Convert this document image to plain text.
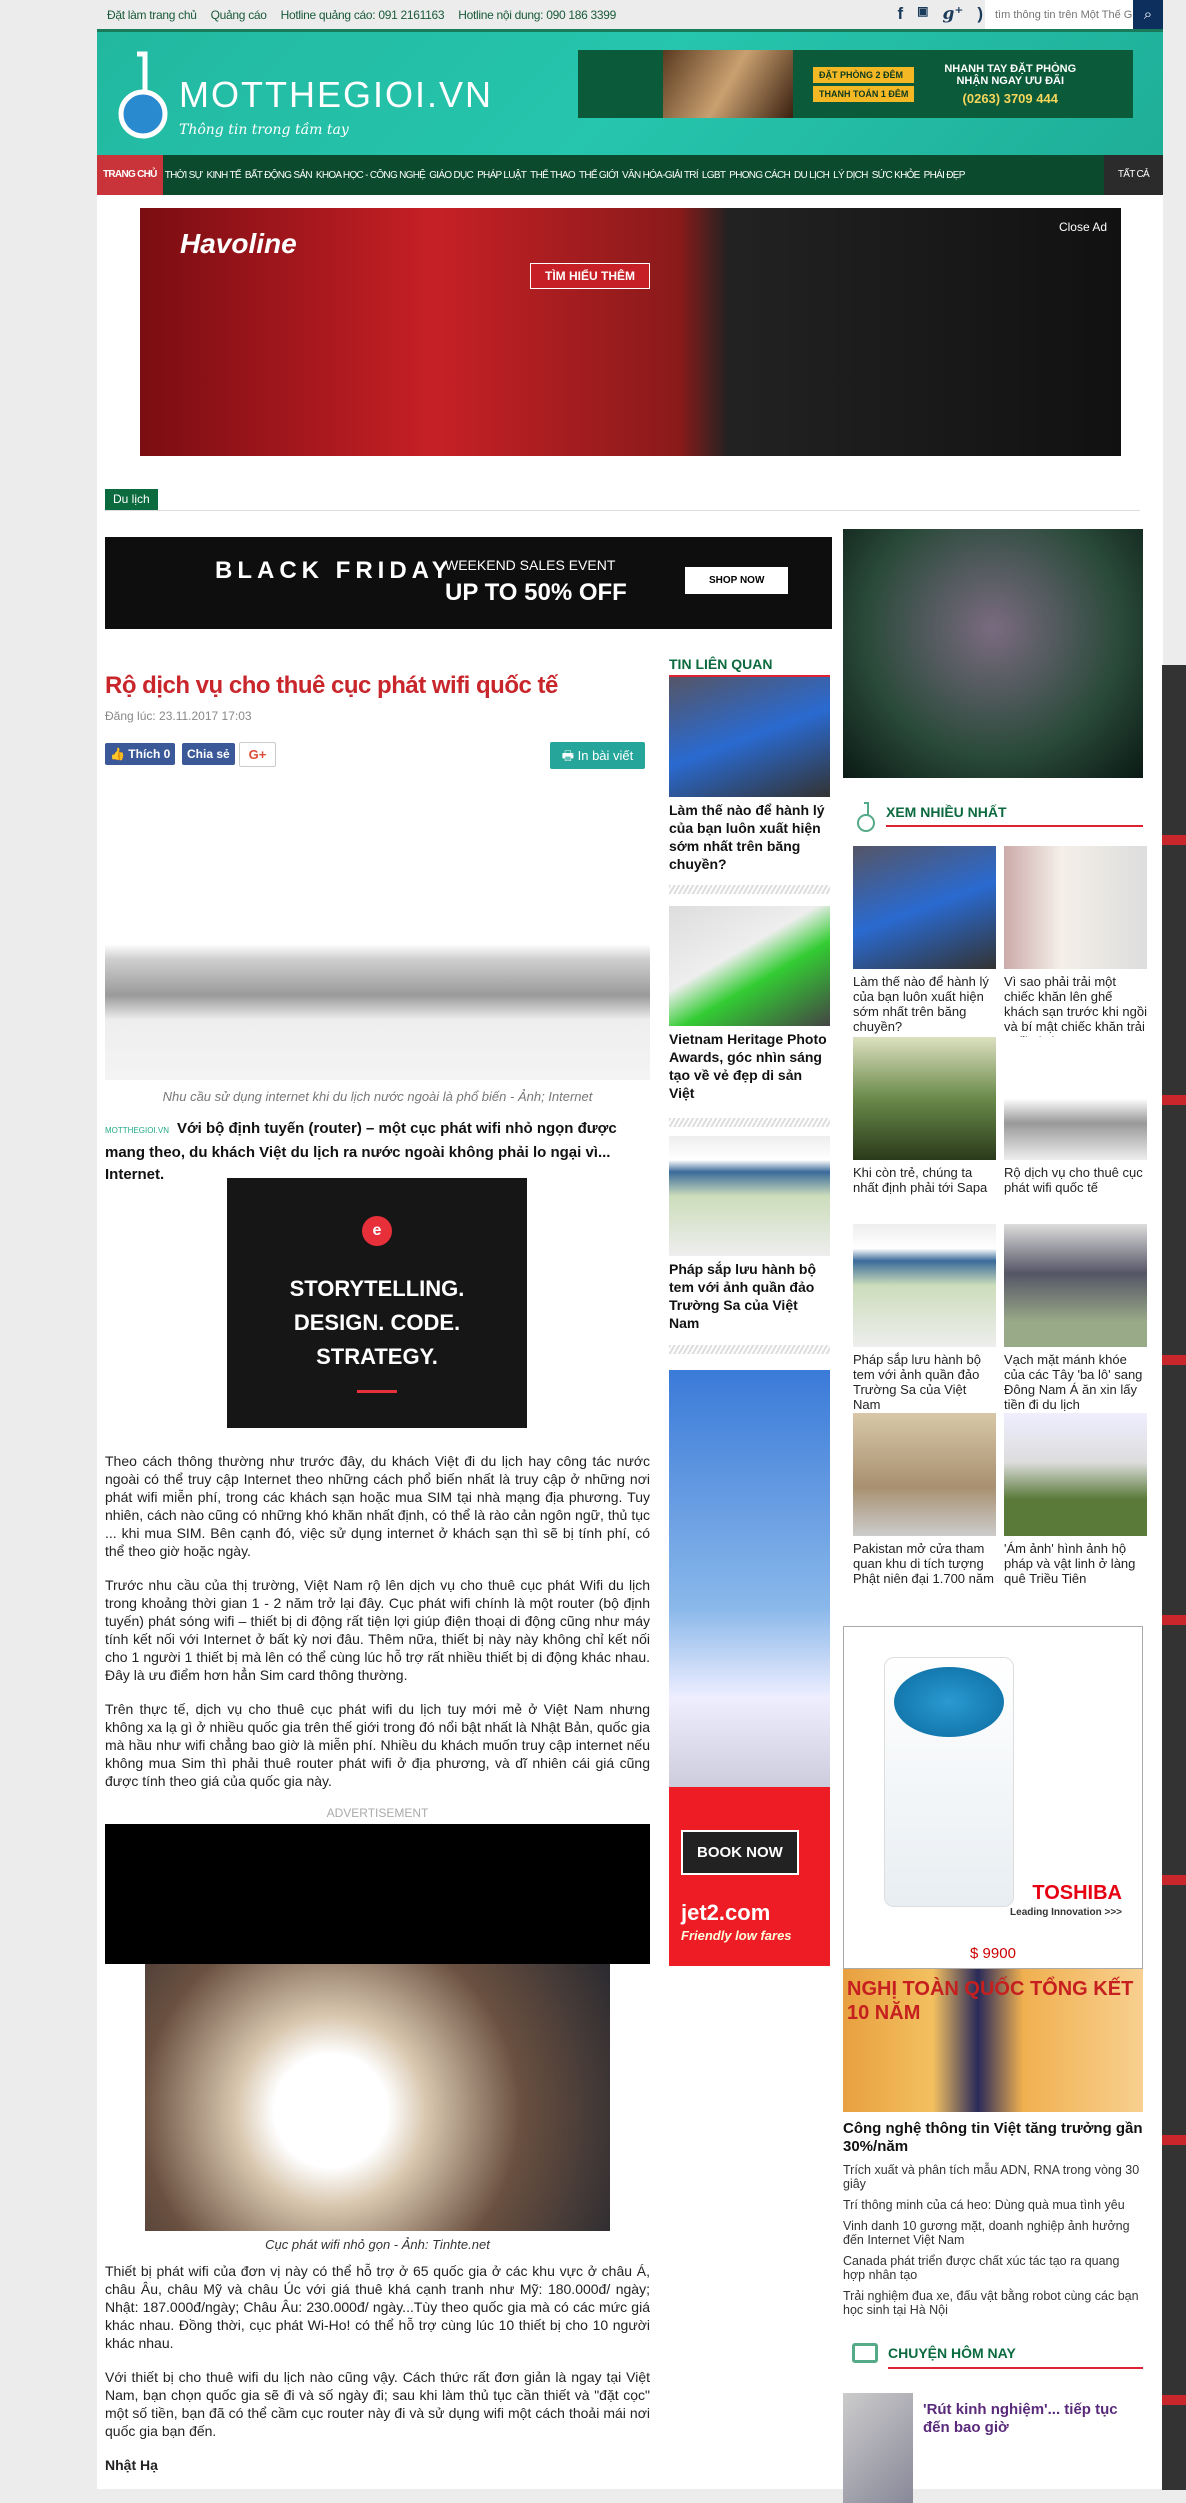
Đặt làm trang chủ Quảng cáo Hotline quảng cáo: 091 2161163 Hotline nội dung: 090 186 3399	f ▣ g⁺ )
tìm thông tin trên Một Thế Giới	⌕
MOTTHEGIOI.VN
Thông tin trong tầm tay
ĐẶT PHÒNG 2 ĐÊM
THANH TOÁN 1 ĐÊM
NHANH TAY ĐẶT PHÒNG
NHẬN NGAY ƯU ĐÃI
(0263) 3709 444
TRANG CHỦ THỜI SỰ KINH TẾ BẤT ĐỘNG SẢN KHOA HỌC - CÔNG NGHỆ GIÁO DỤC PHÁP LUẬT THỂ THAO THẾ GIỚI VĂN HÓA-GIẢI TRÍ LGBT PHONG CÁCH DU LỊCH LÝ DỊCH SỨC KHỎE PHÁI ĐẸP	TẤT CẢ
Havoline
TÌM HIỂU THÊM
Close Ad
Du lịch
BLACK FRIDAY
WEEKEND SALES EVENT
UP TO 50% OFF	SHOP NOW
Rộ dịch vụ cho thuê cục phát wifi quốc tế
Đăng lúc: 23.11.2017 17:03
👍 Thích 0	Chia sẻ	G+	🖶 In bài viết
Nhu cầu sử dụng internet khi du lịch nước ngoài là phổ biến - Ảnh; Internet

MOTTHEGIOI.VN Với bộ định tuyến (router) – một cục phát wifi nhỏ ngọn được mang theo, du khách Việt du lịch ra nước ngoài không phải lo ngại vì... Internet.

e
STORYTELLING. DESIGN. CODE. STRATEGY.

Theo cách thông thường như trước đây, du khách Việt đi du lịch hay công tác nước ngoài có thể truy cập Internet theo những cách phổ biến nhất là truy cập ở những nơi phát wifi miễn phí, trong các khách sạn hoặc mua SIM tại nhà mạng địa phương. Tuy nhiên, cách nào cũng có những khó khăn nhất định, có thể là rào cản ngôn ngữ, thủ tục ... khi mua SIM. Bên cạnh đó, việc sử dụng internet ở khách sạn thì sẽ bị tính phí, có thể theo giờ hoặc ngày.

Trước nhu cầu của thị trường, Việt Nam rộ lên dịch vụ cho thuê cục phát Wifi du lịch trong khoảng thời gian 1 - 2 năm trở lại đây. Cục phát wifi chính là một router (bộ định tuyến) phát sóng wifi – thiết bị di động rất tiện lợi giúp điện thoại di động cũng như máy tính kết nối với Internet ở bất kỳ nơi đâu. Thêm nữa, thiết bị này này không chỉ kết nối cho 1 người 1 thiết bị mà lên có thể cùng lúc hỗ trợ rất nhiều thiết bị di động khác nhau. Đây là ưu điểm hơn hẳn Sim card thông thường.

Trên thực tế, dịch vụ cho thuê cục phát wifi du lịch tuy mới mẻ ở Việt Nam nhưng không xa lạ gì ở nhiều quốc gia trên thế giới trong đó nổi bật nhất là Nhật Bản, quốc gia mà hầu như wifi chẳng bao giờ là miễn phí. Nhiều du khách muốn truy cập internet nếu không mua Sim thì phải thuê router phát wifi ở địa phương, và dĩ nhiên cái giá cũng được tính theo giá của quốc gia này.

ADVERTISEMENT
Cục phát wifi nhỏ gọn - Ảnh: Tinhte.net

Thiết bị phát wifi của đơn vị này có thể hỗ trợ ở 65 quốc gia ở các khu vực ở châu Á, châu Âu, châu Mỹ và châu Úc với giá thuê khá cạnh tranh như Mỹ: 180.000đ/ ngày; Nhật: 187.000đ/ngày; Châu Âu: 230.000đ/ ngày...Tùy theo quốc gia mà có các mức giá khác nhau. Đồng thời, cục phát Wi-Ho! có thể hỗ trợ cùng lúc 10 thiết bị cho 10 người khác nhau.

Với thiết bị cho thuê wifi du lịch nào cũng vậy. Cách thức rất đơn giản là ngay tại Việt Nam, bạn chọn quốc gia sẽ đi và số ngày đi; sau khi làm thủ tục cần thiết và "đặt cọc" một số tiền, bạn đã có thể cầm cục router này đi và sử dụng wifi một cách thoải mái nơi quốc gia bạn đến.

Nhật Hạ
TIN LIÊN QUAN
Làm thế nào để hành lý của bạn luôn xuất hiện sớm nhất trên băng chuyền?
Vietnam Heritage Photo Awards, góc nhìn sáng tạo về vẻ đẹp di sản Việt
Pháp sắp lưu hành bộ tem với ảnh quần đảo Trường Sa của Việt Nam
BOOK NOW
jet2.com
Friendly low fares
XEM NHIỀU NHẤT
Làm thế nào để hành lý của bạn luôn xuất hiện sớm nhất trên băng chuyền?
Vì sao phải trải một chiếc khăn lên ghế khách sạn trước khi ngồi và bí mật chiếc khăn trải
Khi còn trẻ, chúng ta nhất định phải tới Sapa
Rộ dịch vụ cho thuê cục phát wifi quốc tế
Pháp sắp lưu hành bộ tem với ảnh quần đảo Trường Sa của Việt Nam
Vạch mặt mánh khóe của các Tây 'ba lô' sang Đông Nam Á ăn xin lấy tiền đi du lịch
Pakistan mở cửa tham quan khu di tích tượng Phật niên đại 1.700 năm
'Ám ảnh' hình ảnh hộ pháp và vật linh ở làng quê Triều Tiên
TOSHIBA
Leading Innovation >>>
$ 9900
NGHỊ TOÀN QUỐC TỔNG KẾT 10 NĂM
Công nghệ thông tin Việt tăng trưởng gần 30%/năm
Trích xuất và phân tích mẫu ADN, RNA trong vòng 30 giây
Trí thông minh của cá heo: Dùng quà mua tình yêu
Vinh danh 10 gương mặt, doanh nghiệp ảnh hưởng đến Internet Việt Nam
Canada phát triển được chất xúc tác tạo ra quang hợp nhân tạo
Trải nghiệm đua xe, đấu vật bằng robot cùng các bạn học sinh tại Hà Nội
CHUYỆN HÔM NAY
'Rút kinh nghiệm'... tiếp tục đến bao giờ
